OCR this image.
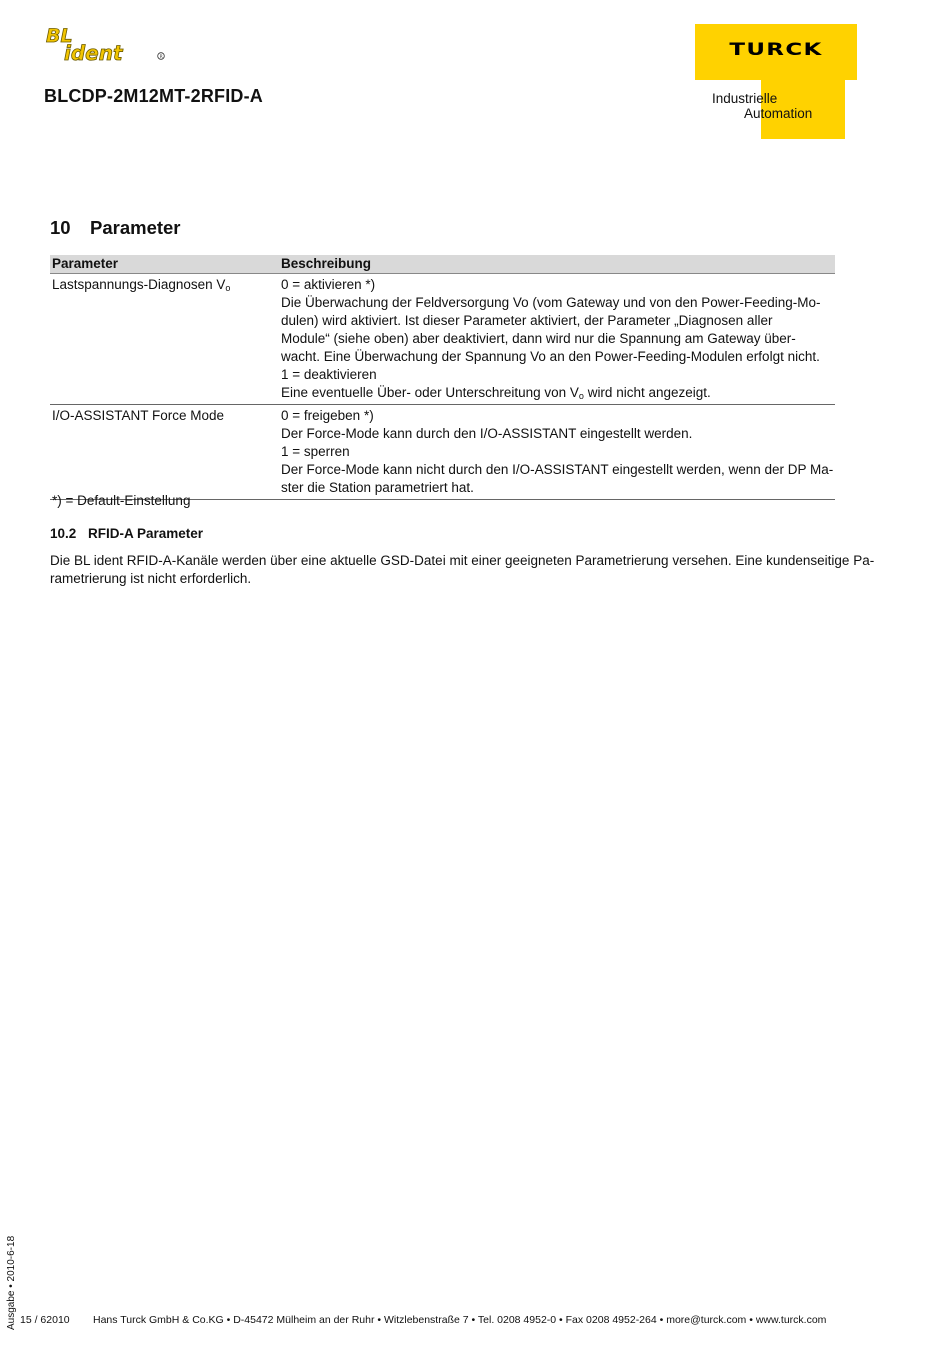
BL
ident	R
BLCDP-2M12MT-2RFID-A
TURCK
Industrielle
Automation
10 Parameter
Parameter	Beschreibung
Lastspannungs-Diagnosen $V_o$	0 = aktivieren *)
Die Überwachung der Feldversorgung Vo (vom Gateway und von den Power-Feeding-Mo-
dulen) wird aktiviert. Ist dieser Parameter aktiviert, der Parameter „Diagnosen aller
Module“ (siehe oben) aber deaktiviert, dann wird nur die Spannung am Gateway über-
wacht. Eine Überwachung der Spannung Vo an den Power-Feeding-Modulen erfolgt nicht.
1 = deaktivieren
Eine eventuelle Über- oder Unterschreitung von $V_o$ wird nicht angezeigt.
I/O-ASSISTANT Force Mode	0 = freigeben *)
Der Force-Mode kann durch den I/O-ASSISTANT eingestellt werden.
1 = sperren
Der Force-Mode kann nicht durch den I/O-ASSISTANT eingestellt werden, wenn der DP Ma-
ster die Station parametriert hat.
*) = Default-Einstellung
10.2 RFID-A Parameter
Die BL ident RFID-A-Kanäle werden über eine aktuelle GSD-Datei mit einer geeigneten Parametrierung versehen. Eine kundenseitige Pa-
rametrierung ist nicht erforderlich.
Ausgabe • 2010-6-18 15 / 62010 Hans Turck GmbH & Co.KG • D-45472 Mülheim an der Ruhr • Witzlebenstraße 7 • Tel. 0208 4952-0 • Fax 0208 4952-264 • more@turck.com • www.turck.com
